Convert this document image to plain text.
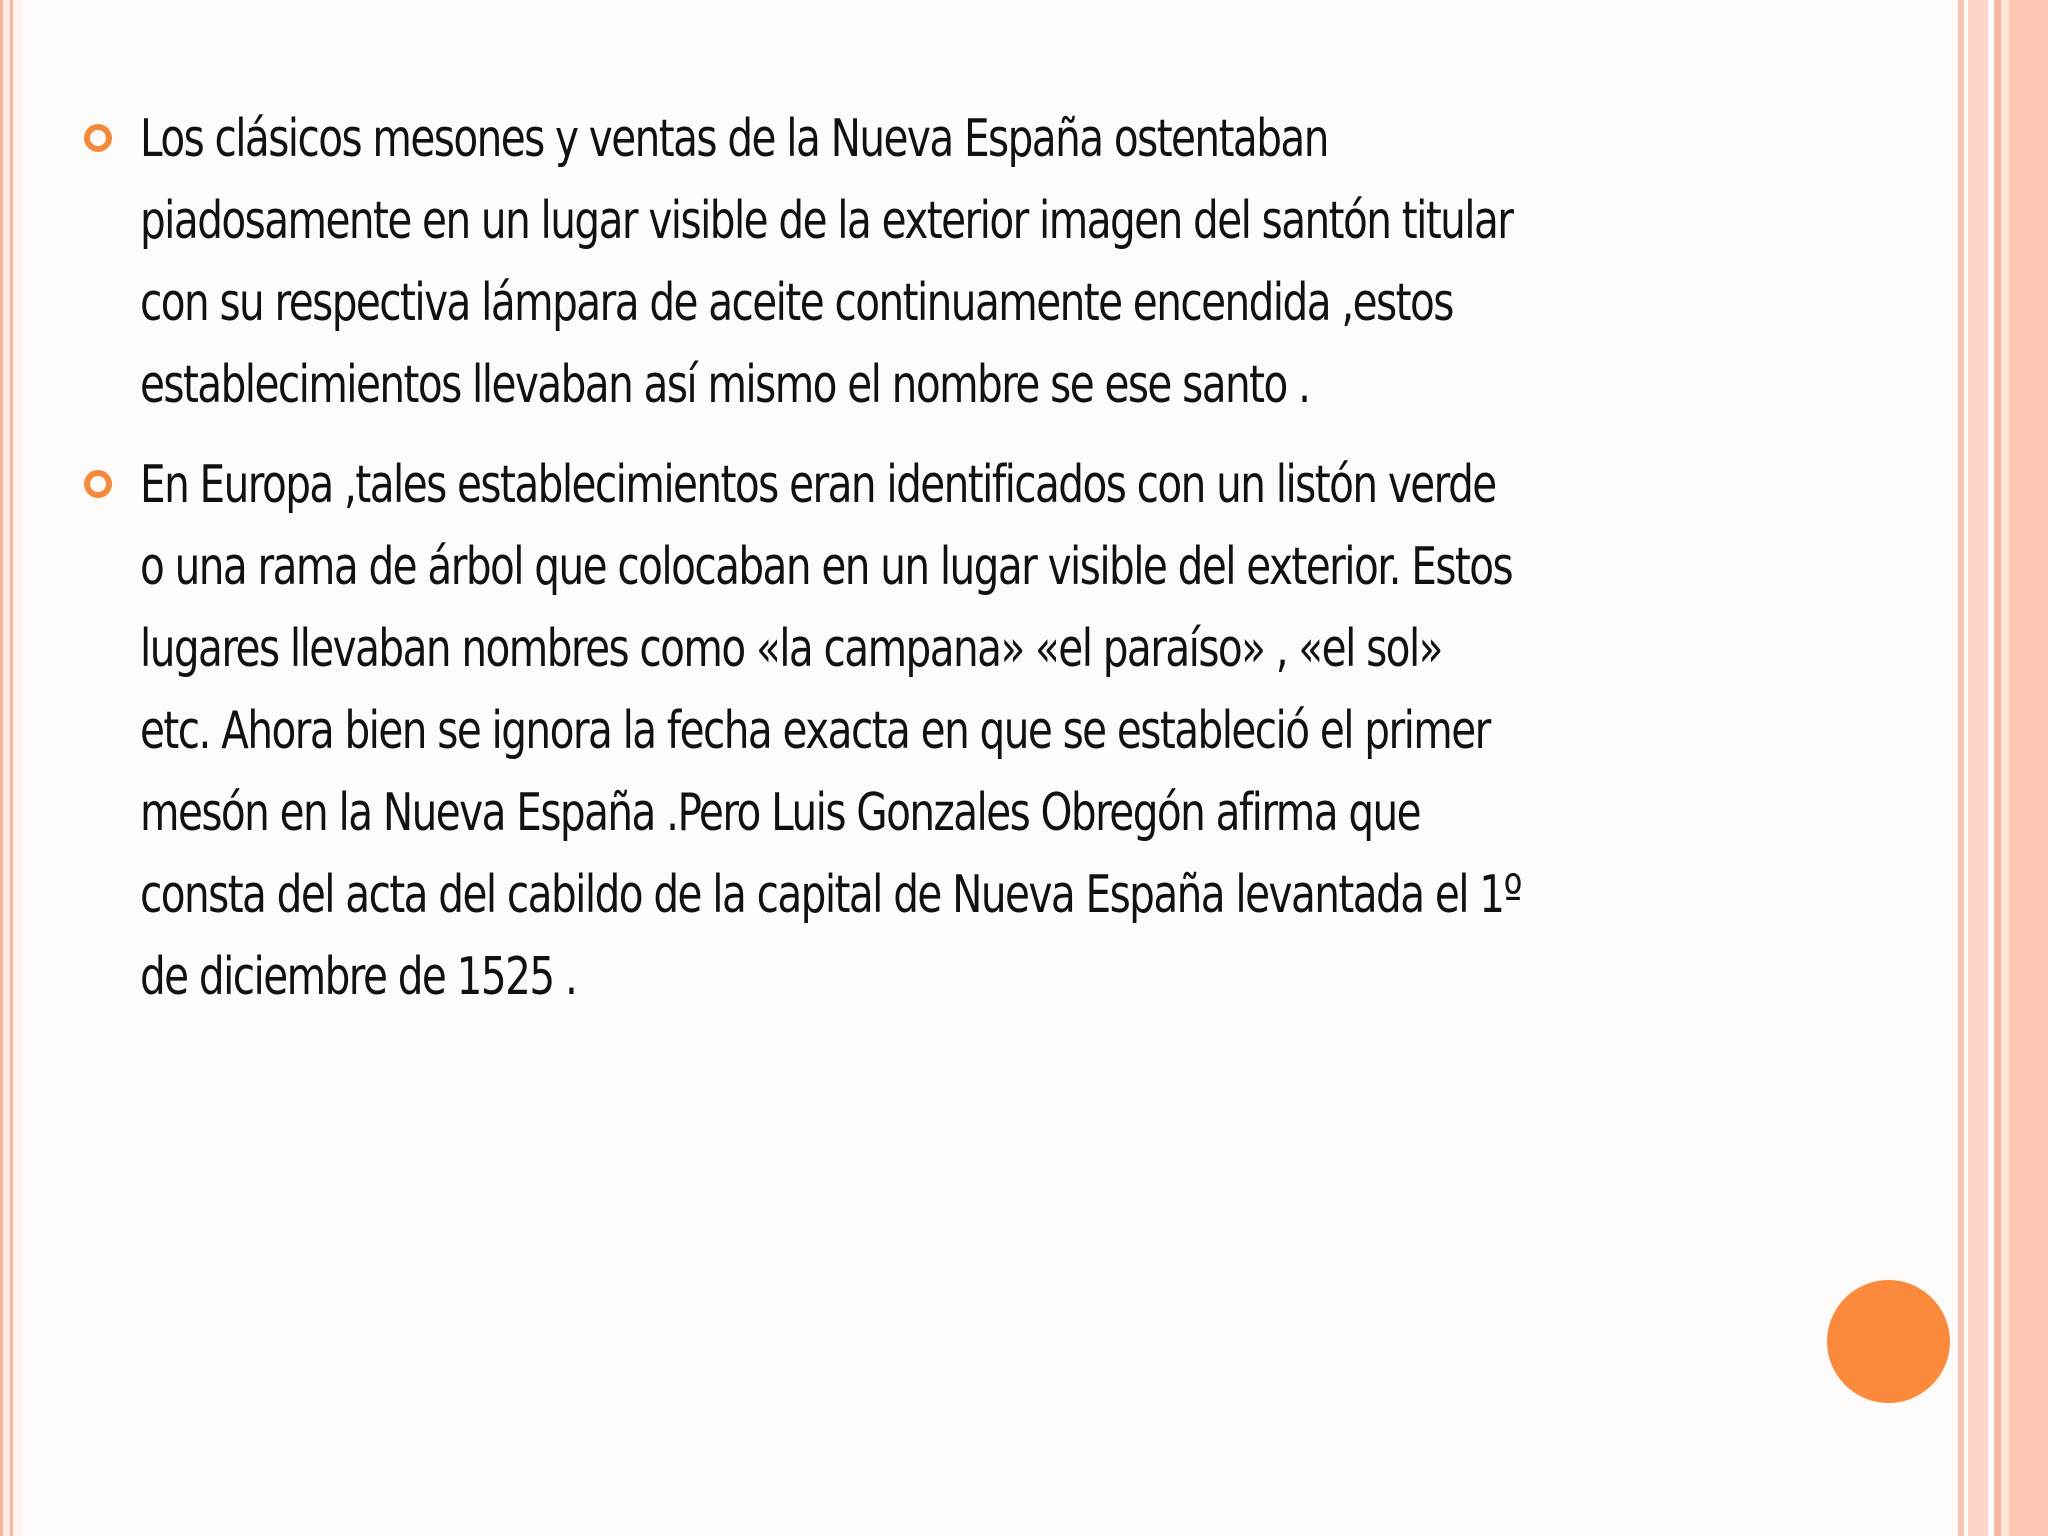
Los clásicos mesones y ventas de la Nueva España ostentaban
piadosamente en un lugar visible de la exterior imagen del santón titular
con su respectiva lámpara de aceite continuamente encendida ,estos
establecimientos llevaban así mismo el nombre se ese santo .
En Europa ,tales establecimientos eran identificados con un listón verde
o una rama de árbol que colocaban en un lugar visible del exterior. Estos
lugares llevaban nombres como «la campana» «el paraíso» , «el sol»
etc. Ahora bien se ignora la fecha exacta en que se estableció el primer
mesón en la Nueva España .Pero Luis Gonzales Obregón afirma que
consta del acta del cabildo de la capital de Nueva España levantada el 1º
de diciembre de 1525 .
